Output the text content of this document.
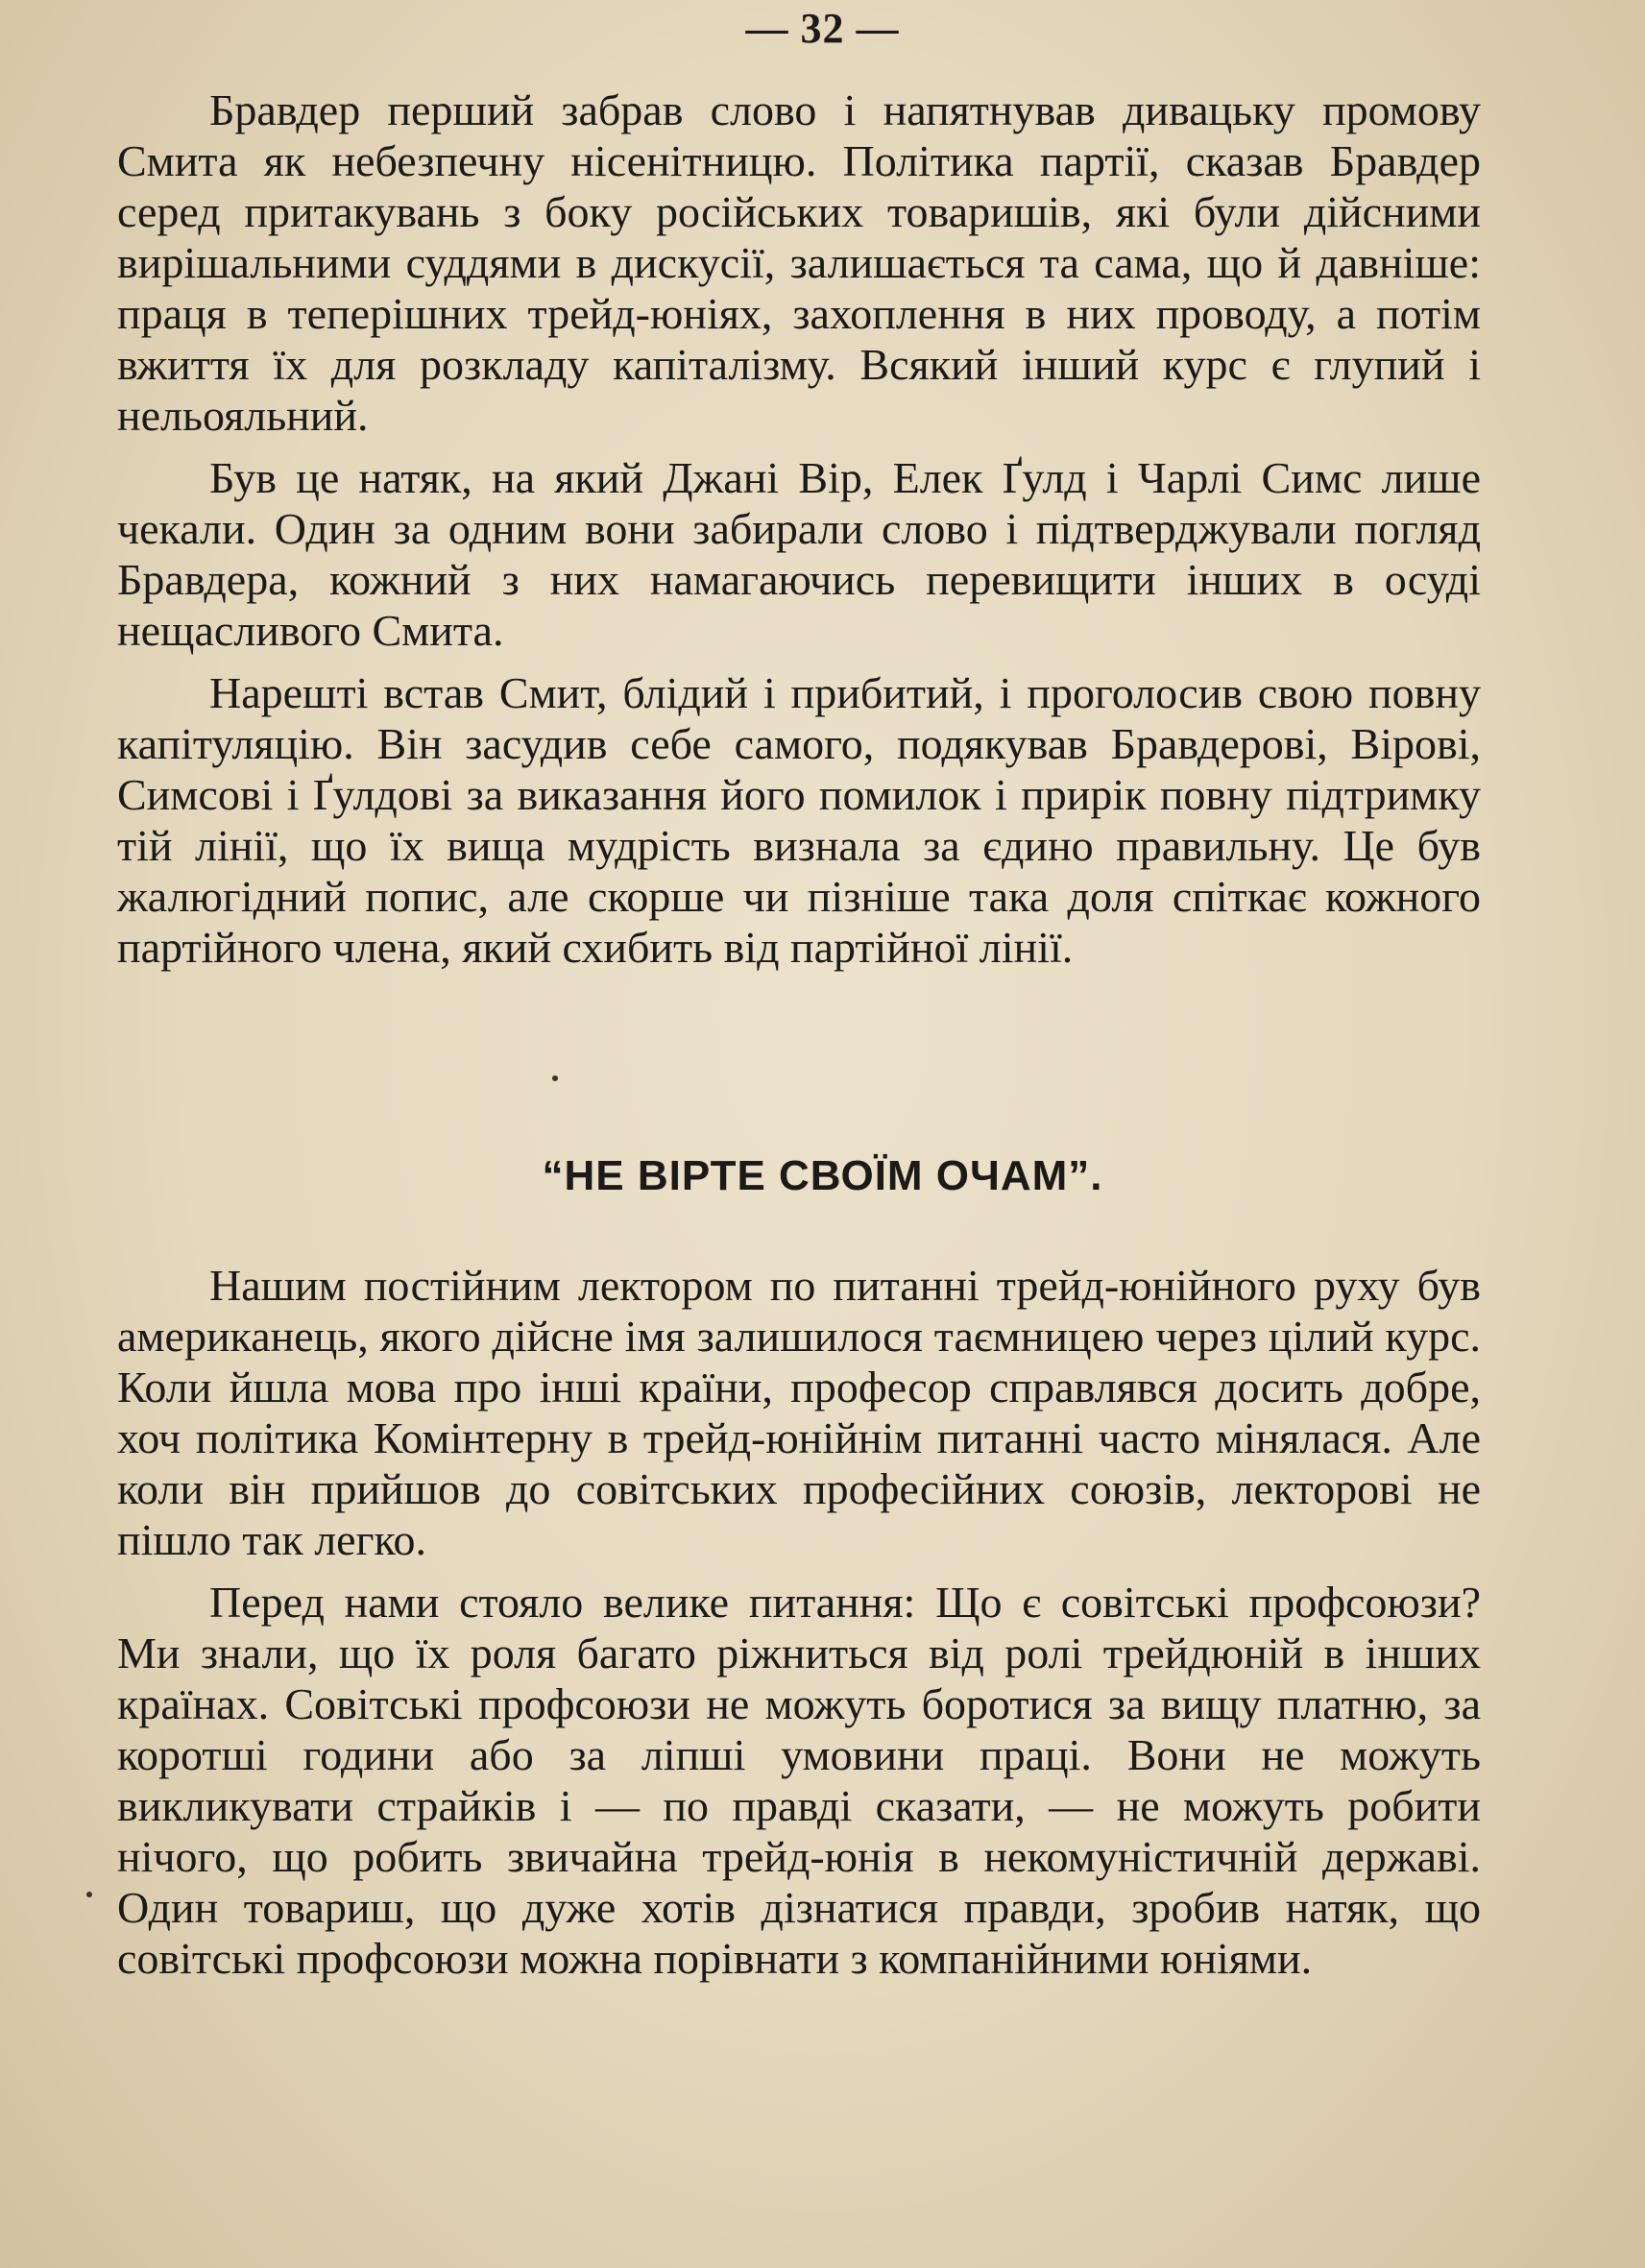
— 32 —

Бравдер перший забрав слово і напятнував дивацьку промову Смита як небезпечну нісенітницю. Політика партії, сказав Бравдер серед притакувань з боку російських товаришів, які були дійсними вирішальними суддями в дискусії, залишається та сама, що й давніше: праця в теперішних трейд-юніях, захоплення в них проводу, а потім вжиття їх для розкладу капіталізму. Всякий інший курс є глупий і нельояльний.

Був це натяк, на який Джані Вір, Елек Ґулд і Чарлі Симс лише чекали. Один за одним вони забирали слово і підтверджували погляд Бравдера, кожний з них намагаючись перевищити інших в осуді нещасливого Смита.

Нарешті встав Смит, блідий і прибитий, і проголосив свою повну капітуляцію. Він засудив себе самого, подякував Бравдерові, Вірові, Симсові і Ґулдові за виказання його помилок і прирік повну підтримку тій лінії, що їх вища мудрість визнала за єдино правильну. Це був жалюгідний попис, але скорше чи пізніше така доля спіткає кожного партійного члена, який схибить від партійної лінії.

“НЕ ВІРТЕ СВОЇМ ОЧАМ”.

Нашим постійним лектором по питанні трейд-юнійного руху був американець, якого дійсне імя залишилося таємницею через цілий курс. Коли йшла мова про інші країни, професор справлявся досить добре, хоч політика Комінтерну в трейд-юнійнім питанні часто мінялася. Але коли він прийшов до совітських професійних союзів, лекторові не пішло так легко.

Перед нами стояло велике питання: Що є совітські профсоюзи? Ми знали, що їх роля багато ріжниться від ролі трейдюній в інших країнах. Совітські профсоюзи не можуть боротися за вищу платню, за коротші години або за ліпші умовини праці. Вони не можуть викликувати страйків і — по правді сказати, — не можуть робити нічого, що робить звичайна трейд-юнія в некомуністичній державі. Один товариш, що дуже хотів дізнатися правди, зробив натяк, що совітські профсоюзи можна порівнати з компанійними юніями.
